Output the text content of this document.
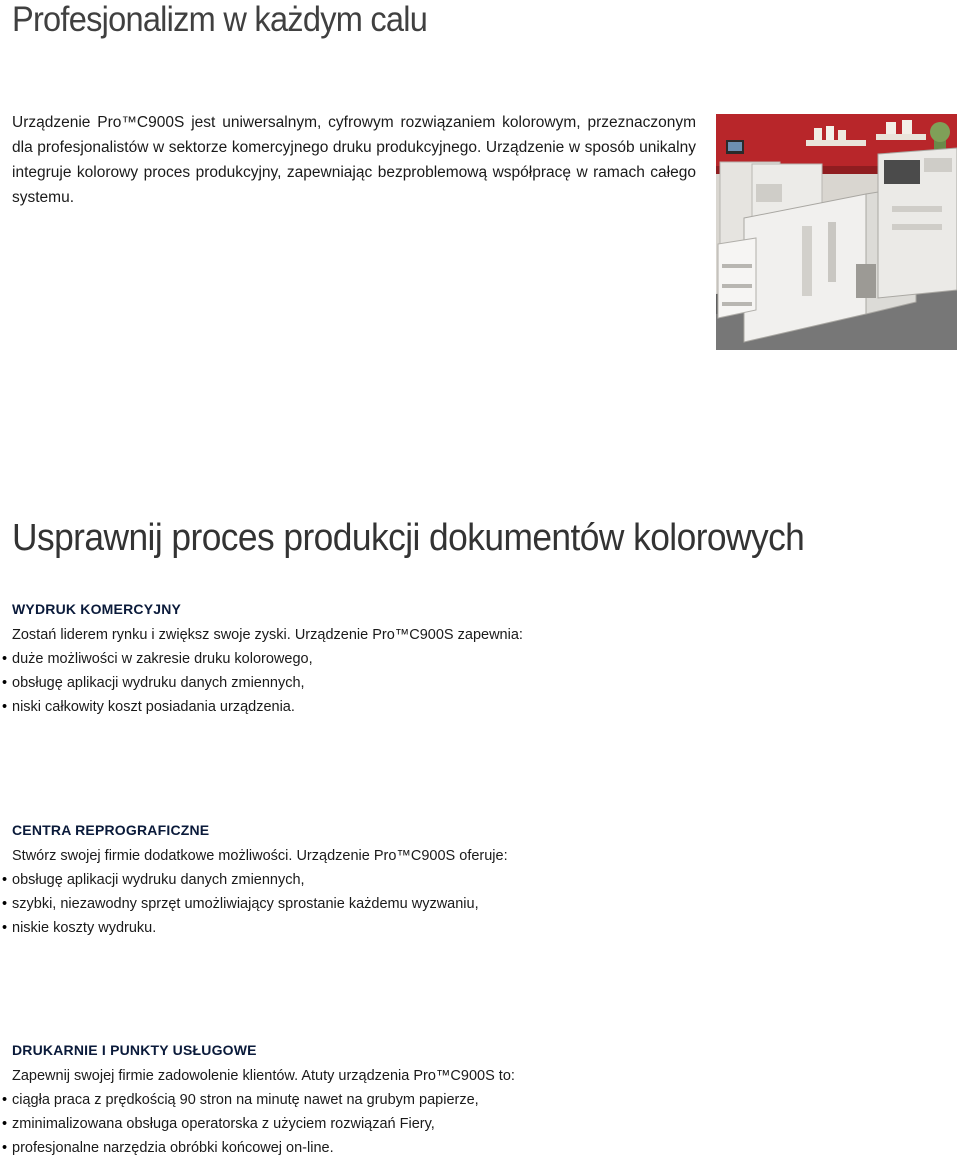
Profesjonalizm w każdym calu

Urządzenie Pro™C900S jest uniwersalnym, cyfrowym rozwiązaniem kolorowym, przeznaczonym dla profesjonalistów w sektorze komercyjnego druku produkcyjnego. Urządzenie w sposób unikalny integruje kolorowy proces produkcyjny, zapewniając bezproblemową współpracę w ramach całego systemu.

Usprawnij proces produkcji dokumentów kolorowych
WYDRUK KOMERCYJNY

Zostań liderem rynku i zwiększ swoje zyski. Urządzenie Pro™C900S zapewnia:

• duże możliwości w zakresie druku kolorowego,
• obsługę aplikacji wydruku danych zmiennych,
• niski całkowity koszt posiadania urządzenia.
CENTRA REPROGRAFICZNE

Stwórz swojej firmie dodatkowe możliwości. Urządzenie Pro™C900S oferuje:

• obsługę aplikacji wydruku danych zmiennych,
• szybki, niezawodny sprzęt umożliwiający sprostanie każdemu wyzwaniu,
• niskie koszty wydruku.
DRUKARNIE I PUNKTY USŁUGOWE

Zapewnij swojej firmie zadowolenie klientów. Atuty urządzenia Pro™C900S to:

• ciągła praca z prędkością 90 stron na minutę nawet na grubym papierze,
• zminimalizowana obsługa operatorska z użyciem rozwiązań Fiery,
• profesjonalne narzędzia obróbki końcowej on-line.
